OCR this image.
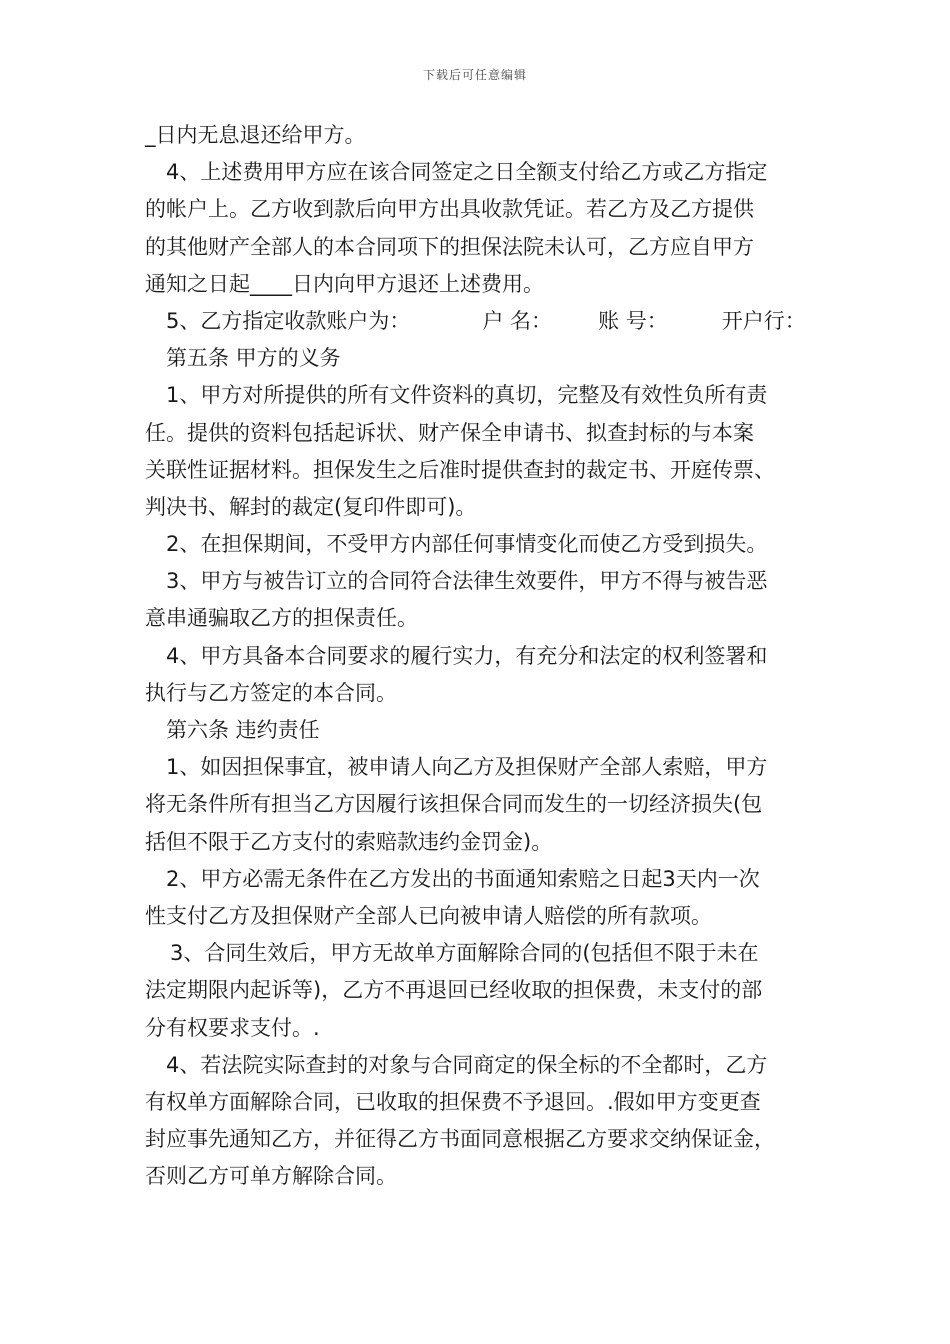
下载后可任意编辑
_日内无息退还给甲方。
4、上述费用甲方应在该合同签定之日全额支付给乙方或乙方指定
的帐户上。乙方收到款后向甲方出具收款凭证。若乙方及乙方提供
的其他财产全部人的本合同项下的担保法院未认可，乙方应自甲方
通知之日起____日内向甲方退还上述费用。
5、乙方指定收款账户为：	户 名： 账 号：	开户行：
第五条 甲方的义务
1、甲方对所提供的所有文件资料的真切，完整及有效性负所有责
任。提供的资料包括起诉状、财产保全申请书、拟查封标的与本案
关联性证据材料。担保发生之后准时提供查封的裁定书、开庭传票、
判决书、解封的裁定(复印件即可)。
2、在担保期间，不受甲方内部任何事情变化而使乙方受到损失。
3、甲方与被告订立的合同符合法律生效要件，甲方不得与被告恶
意串通骗取乙方的担保责任。
4、甲方具备本合同要求的履行实力，有充分和法定的权利签署和
执行与乙方签定的本合同。
第六条 违约责任
1、如因担保事宜，被申请人向乙方及担保财产全部人索赔，甲方
将无条件所有担当乙方因履行该担保合同而发生的一切经济损失(包
括但不限于乙方支付的索赔款违约金罚金)。
2、甲方必需无条件在乙方发出的书面通知索赔之日起3天内一次
性支付乙方及担保财产全部人已向被申请人赔偿的所有款项。
3、合同生效后，甲方无故单方面解除合同的(包括但不限于未在
法定期限内起诉等)，乙方不再退回已经收取的担保费，未支付的部
分有权要求支付。.
4、若法院实际查封的对象与合同商定的保全标的不全都时，乙方
有权单方面解除合同，已收取的担保费不予退回。.假如甲方变更查
封应事先通知乙方，并征得乙方书面同意根据乙方要求交纳保证金，
否则乙方可单方解除合同。
